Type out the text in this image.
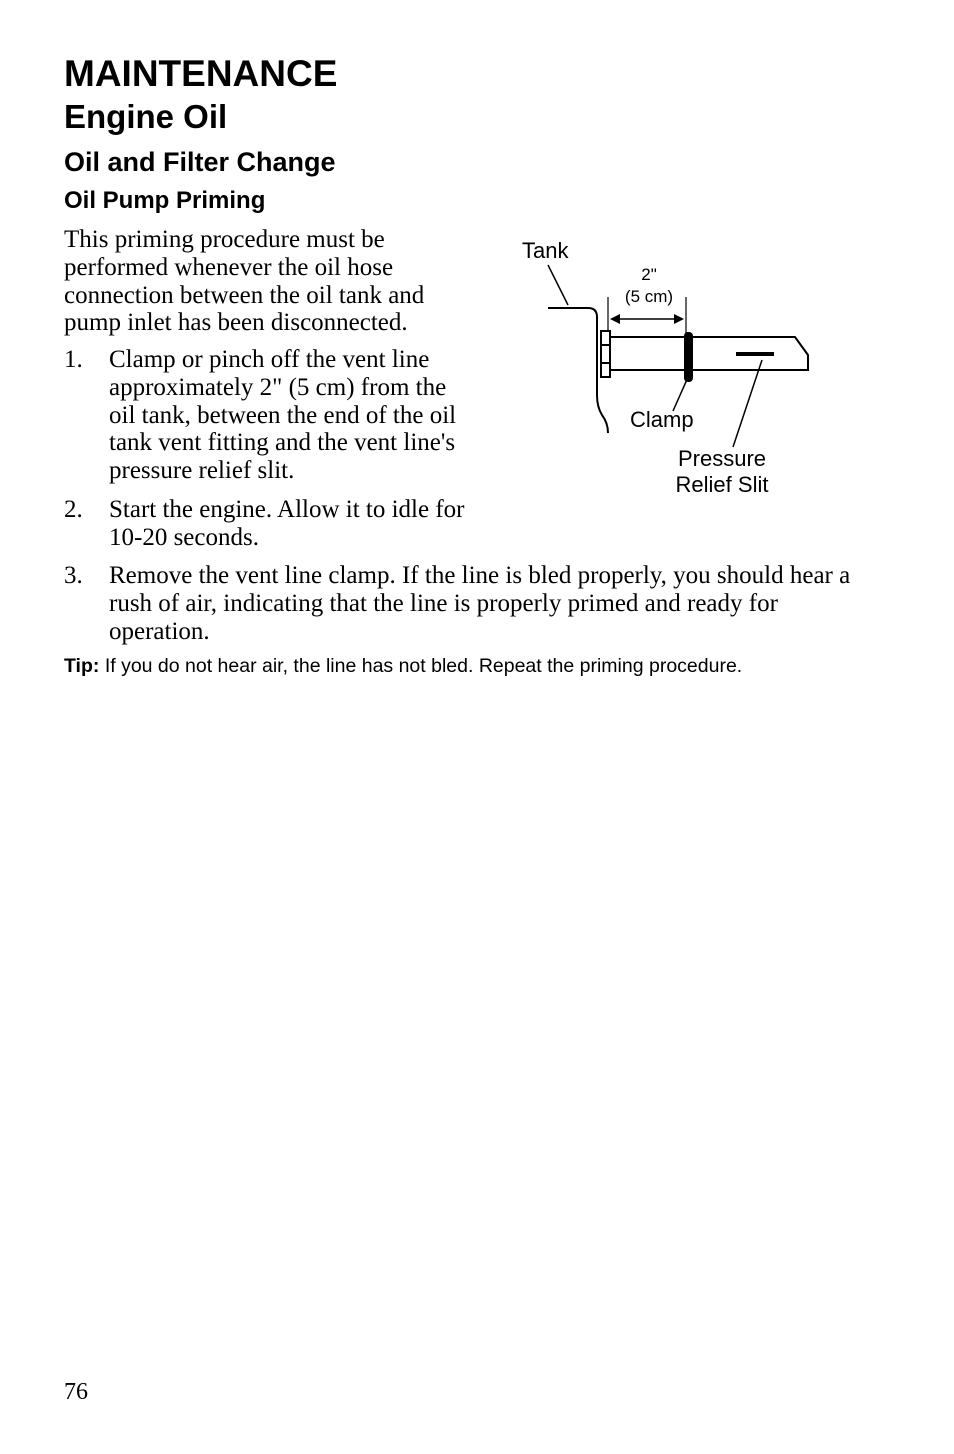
MAINTENANCE
Engine Oil
Oil and Filter Change
Oil Pump Priming

This priming procedure must be performed whenever the oil hose connection between the oil tank and pump inlet has been disconnected.

1. Clamp or pinch off the vent line approximately 2" (5 cm) from the oil tank, between the end of the oil tank vent fitting and the vent line's pressure relief slit.
2. Start the engine. Allow it to idle for 10-20 seconds.
3. Remove the vent line clamp. If the line is bled properly, you should hear a rush of air, indicating that the line is properly primed and ready for operation.
Tip: If you do not hear air, the line has not bled. Repeat the priming procedure.
Tank
2"
(5 cm)
Clamp
Pressure
Relief Slit
76
